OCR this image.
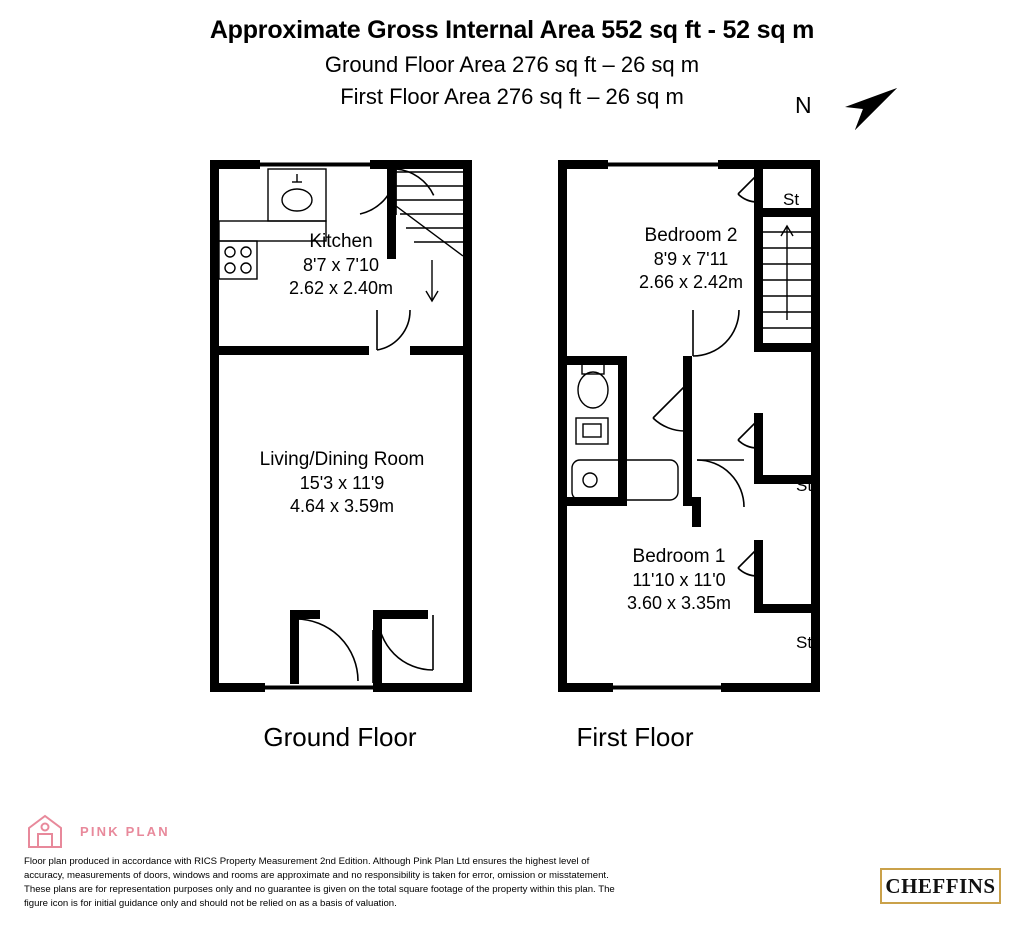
Approximate Gross Internal Area 552 sq ft - 52 sq m
Ground Floor Area 276 sq ft – 26 sq m
First Floor Area 276 sq ft – 26 sq m	N
Kitchen
8'7 x 7'10
2.62 x 2.40m
Living/Dining Room
15'3 x 11'9
4.64 x 3.59m
Ground Floor
Bedroom 2
8'9 x 7'11
2.66 x 2.42m
Bedroom 1
11'10 x 11'0
3.60 x 3.35m
St
St
St
First Floor
PINK PLAN
Floor plan produced in accordance with RICS Property Measurement 2nd Edition. Although Pink Plan Ltd ensures the highest level of accuracy, measurements of doors, windows and rooms are approximate and no responsibility is taken for error, omission or misstatement. These plans are for representation purposes only and no guarantee is given on the total square footage of the property within this plan. The figure icon is for initial guidance only and should not be relied on as a basis of valuation.
CHEFFINS
